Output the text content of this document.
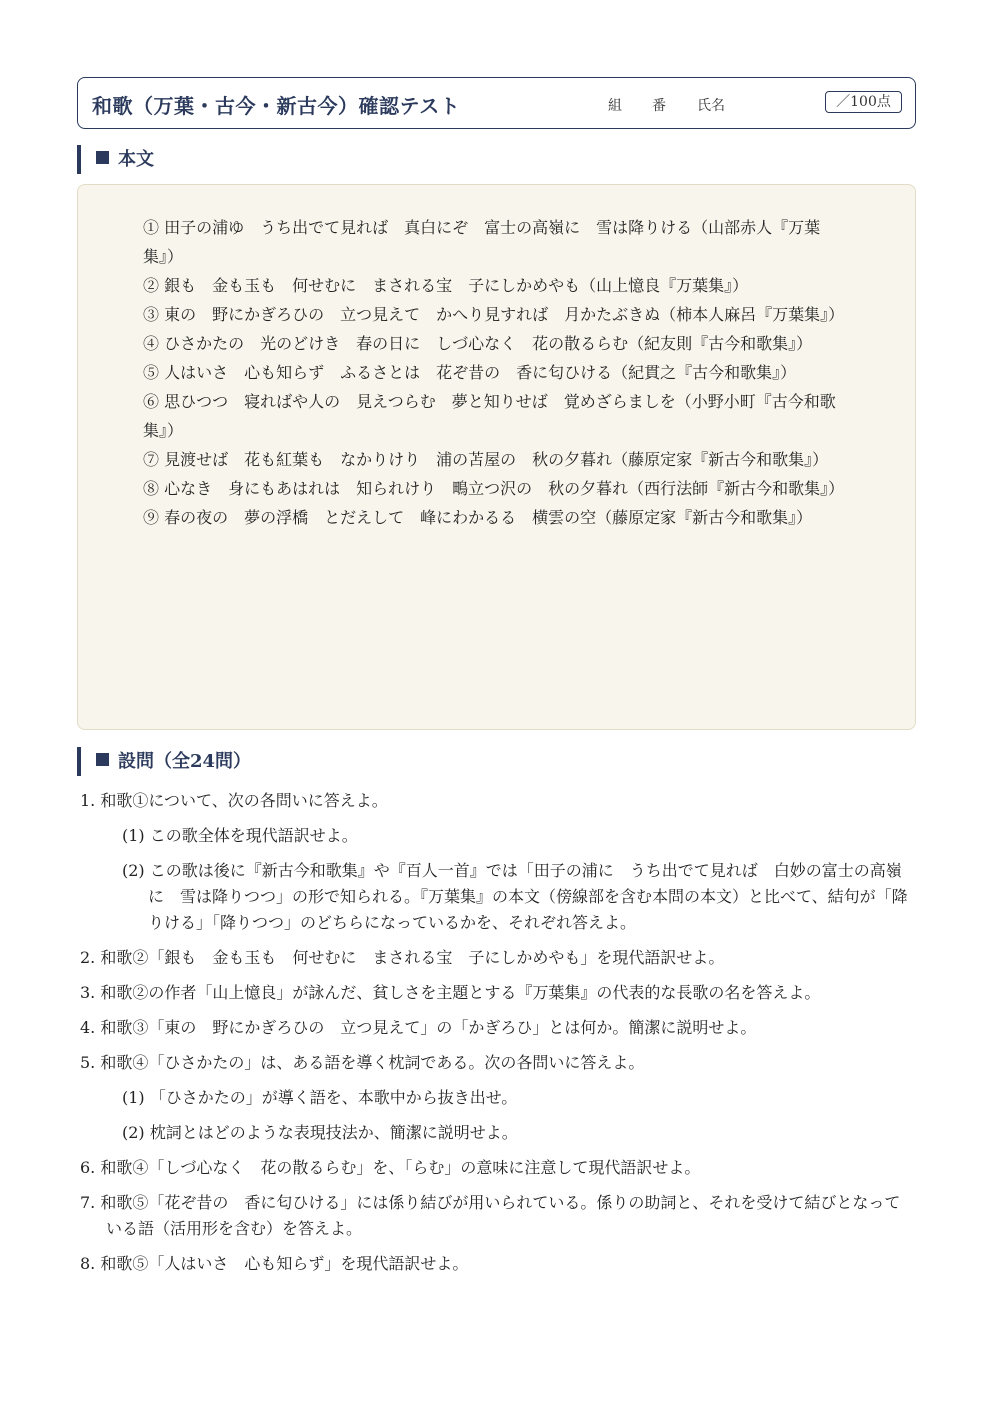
和歌（万葉・古今・新古今）確認テスト	組 番 氏名	／100点
本文

① 田子の浦ゆ　うち出でて見れば　真白にぞ　富士の高嶺に　雪は降りける（山部赤人『万葉集』）

② 銀も　金も玉も　何せむに　まされる宝　子にしかめやも（山上憶良『万葉集』）

③ 東の　野にかぎろひの　立つ見えて　かへり見すれば　月かたぶきぬ（柿本人麻呂『万葉集』）

④ ひさかたの　光のどけき　春の日に　しづ心なく　花の散るらむ（紀友則『古今和歌集』）

⑤ 人はいさ　心も知らず　ふるさとは　花ぞ昔の　香に匂ひける（紀貫之『古今和歌集』）

⑥ 思ひつつ　寝ればや人の　見えつらむ　夢と知りせば　覚めざらましを（小野小町『古今和歌集』）

⑦ 見渡せば　花も紅葉も　なかりけり　浦の苫屋の　秋の夕暮れ（藤原定家『新古今和歌集』）

⑧ 心なき　身にもあはれは　知られけり　鴫立つ沢の　秋の夕暮れ（西行法師『新古今和歌集』）

⑨ 春の夜の　夢の浮橋　とだえして　峰にわかるる　横雲の空（藤原定家『新古今和歌集』）

設問（全24問）
1. 和歌①について、次の各問いに答えよ。
(1) この歌全体を現代語訳せよ。
(2) この歌は後に『新古今和歌集』や『百人一首』では「田子の浦に　うち出でて見れば　白妙の富士の高嶺に　雪は降りつつ」の形で知られる。『万葉集』の本文（傍線部を含む本問の本文）と比べて、結句が「降りける」「降りつつ」のどちらになっているかを、それぞれ答えよ。
2. 和歌②「銀も　金も玉も　何せむに　まされる宝　子にしかめやも」を現代語訳せよ。
3. 和歌②の作者「山上憶良」が詠んだ、貧しさを主題とする『万葉集』の代表的な長歌の名を答えよ。
4. 和歌③「東の　野にかぎろひの　立つ見えて」の「かぎろひ」とは何か。簡潔に説明せよ。
5. 和歌④「ひさかたの」は、ある語を導く枕詞である。次の各問いに答えよ。
(1) 「ひさかたの」が導く語を、本歌中から抜き出せ。
(2) 枕詞とはどのような表現技法か、簡潔に説明せよ。
6. 和歌④「しづ心なく　花の散るらむ」を、「らむ」の意味に注意して現代語訳せよ。
7. 和歌⑤「花ぞ昔の　香に匂ひける」には係り結びが用いられている。係りの助詞と、それを受けて結びとなっている語（活用形を含む）を答えよ。
8. 和歌⑤「人はいさ　心も知らず」を現代語訳せよ。
